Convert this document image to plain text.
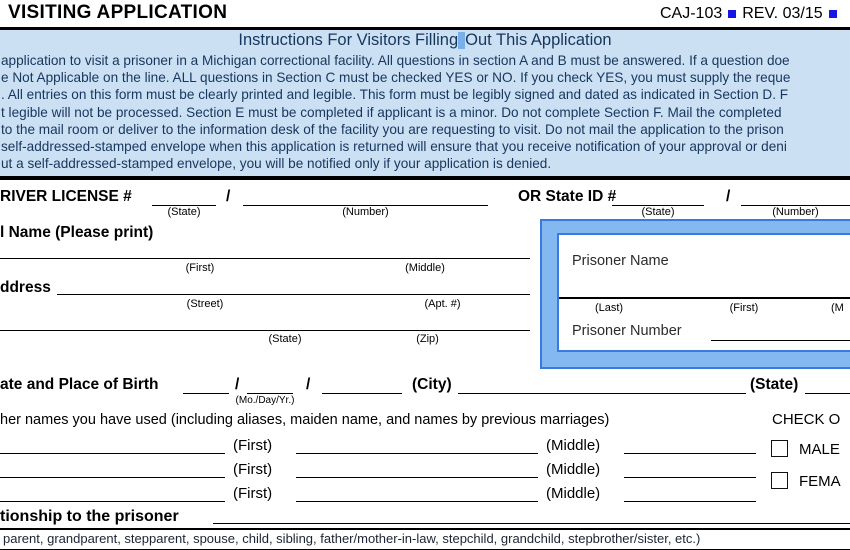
VISITING APPLICATION	CAJ-103 REV. 03/15
Instructions For Visitors Filling Out This Application
application to visit a prisoner in a Michigan correctional facility. All questions in section A and B must be answered. If a question doe
e Not Applicable on the line. ALL questions in Section C must be checked YES or NO. If you check YES, you must supply the reque
. All entries on this form must be clearly printed and legible. This form must be legibly signed and dated as indicated in Section D. F
t legible will not be processed. Section E must be completed if applicant is a minor. Do not complete Section F. Mail the completed
to the mail room or deliver to the information desk of the facility you are requesting to visit. Do not mail the application to the prison
self-addressed-stamped envelope when this application is returned will ensure that you receive notification of your approval or deni
ut a self-addressed-stamped envelope, you will be notified only if your application is denied.
RIVER LICENSE #	/
(State)	(Number)
OR State ID #	/
(State)	(Number)
l Name (Please print)
(First)	(Middle)
ddress
(Street)	(Apt. #)
(State)	(Zip)
Prisoner Name
(Last)	(First)	(M
Prisoner Number
ate and Place of Birth	/	/
(Mo./Day/Yr.)
(City)	(State)
her names you have used (including aliases, maiden name, and names by previous marriages)
(First)	(Middle)
(First)	(Middle)
(First)	(Middle)
CHECK O
MALE
FEMA
tionship to the prisoner
parent, grandparent, stepparent, spouse, child, sibling, father/mother-in-law, stepchild, grandchild, stepbrother/sister, etc.)
